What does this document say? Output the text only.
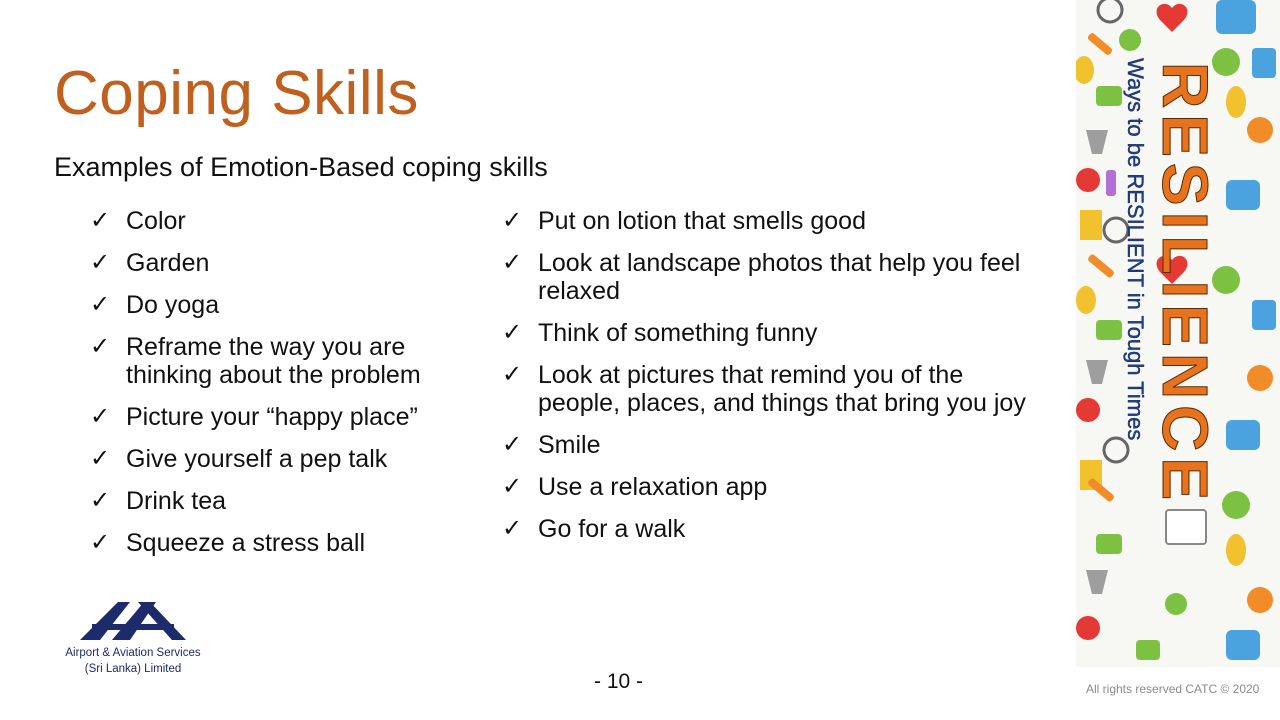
Coping Skills
Examples of Emotion-Based coping skills
✓ Color
✓ Garden
✓ Do yoga
✓ Reframe the way you are thinking about the problem
✓ Picture your “happy place”
✓ Give yourself a pep talk
✓ Drink tea
✓ Squeeze a stress ball
✓ Put on lotion that smells good
✓ Look at landscape photos that help you feel relaxed
✓ Think of something funny
✓ Look at pictures that remind you of the people, places, and things that bring you joy
✓ Smile
✓ Use a relaxation app
✓ Go for a walk
Airport & Aviation Services
(Sri Lanka) Limited
- 10 -	All rights reserved CATC © 2020
Ways to be RESILIENT in Tough Times RESILIENCE
